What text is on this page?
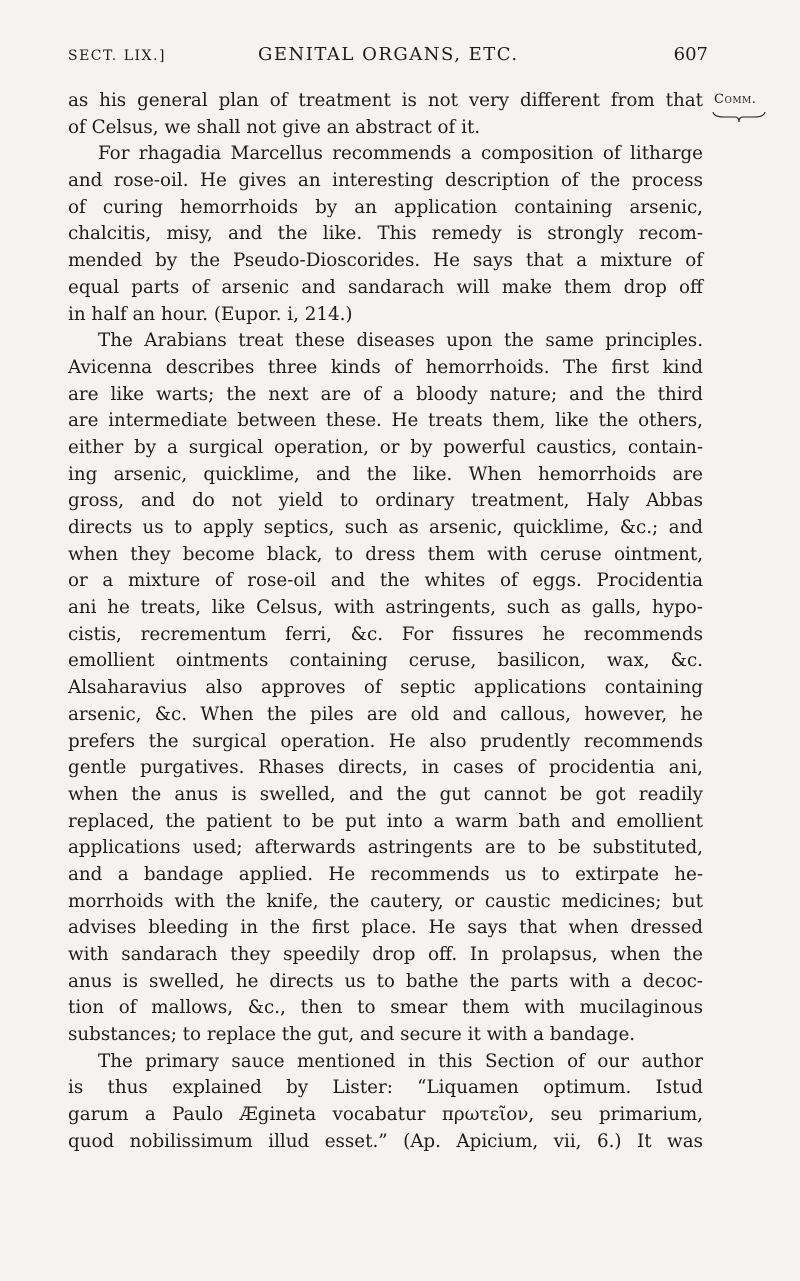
SECT. LIX.]	GENITAL ORGANS, ETC.	607
Comm.
as his general plan of treatment is not very different from that
of Celsus, we shall not give an abstract of it.
For rhagadia Marcellus recommends a composition of litharge
and rose-oil. He gives an interesting description of the process
of curing hemorrhoids by an application containing arsenic,
chalcitis, misy, and the like. This remedy is strongly recom-
mended by the Pseudo-Dioscorides. He says that a mixture of
equal parts of arsenic and sandarach will make them drop off
in half an hour. (Eupor. i, 214.)
The Arabians treat these diseases upon the same principles.
Avicenna describes three kinds of hemorrhoids. The first kind
are like warts; the next are of a bloody nature; and the third
are intermediate between these. He treats them, like the others,
either by a surgical operation, or by powerful caustics, contain-
ing arsenic, quicklime, and the like. When hemorrhoids are
gross, and do not yield to ordinary treatment, Haly Abbas
directs us to apply septics, such as arsenic, quicklime, &c.; and
when they become black, to dress them with ceruse ointment,
or a mixture of rose-oil and the whites of eggs. Procidentia
ani he treats, like Celsus, with astringents, such as galls, hypo-
cistis, recrementum ferri, &c. For fissures he recommends
emollient ointments containing ceruse, basilicon, wax, &c.
Alsaharavius also approves of septic applications containing
arsenic, &c. When the piles are old and callous, however, he
prefers the surgical operation. He also prudently recommends
gentle purgatives. Rhases directs, in cases of procidentia ani,
when the anus is swelled, and the gut cannot be got readily
replaced, the patient to be put into a warm bath and emollient
applications used; afterwards astringents are to be substituted,
and a bandage applied. He recommends us to extirpate he-
morrhoids with the knife, the cautery, or caustic medicines; but
advises bleeding in the first place. He says that when dressed
with sandarach they speedily drop off. In prolapsus, when the
anus is swelled, he directs us to bathe the parts with a decoc-
tion of mallows, &c., then to smear them with mucilaginous
substances; to replace the gut, and secure it with a bandage.
The primary sauce mentioned in this Section of our author
is thus explained by Lister: “Liquamen optimum. Istud
garum a Paulo Ægineta vocabatur πρωτεῖον, seu primarium,
quod nobilissimum illud esset.” (Ap. Apicium, vii, 6.) It was
